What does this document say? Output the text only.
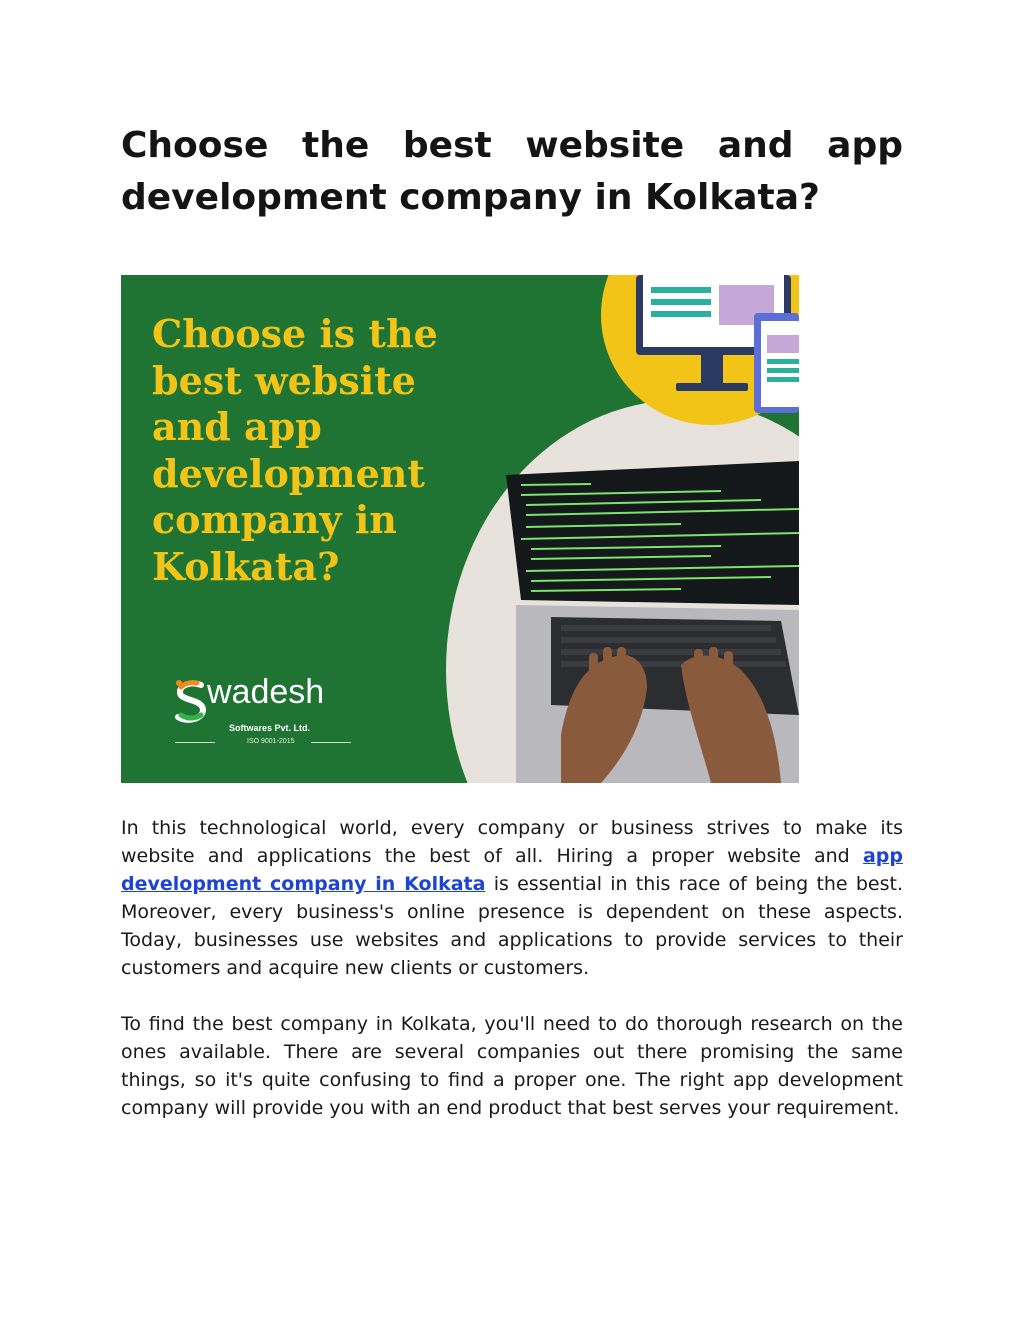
Choose the best website and app development company in Kolkata?

Choose is the
best website
and app
development
company in
Kolkata?

wadesh
Softwares Pvt. Ltd.
ISO 9001-2015

In this technological world, every company or business strives to make its website and applications the best of all. Hiring a proper website and app development company in Kolkata is essential in this race of being the best. Moreover, every business's online presence is dependent on these aspects. Today, businesses use websites and applications to provide services to their customers and acquire new clients or customers.

To find the best company in Kolkata, you'll need to do thorough research on the ones available. There are several companies out there promising the same things, so it's quite confusing to find a proper one. The right app development company will provide you with an end product that best serves your requirement.
